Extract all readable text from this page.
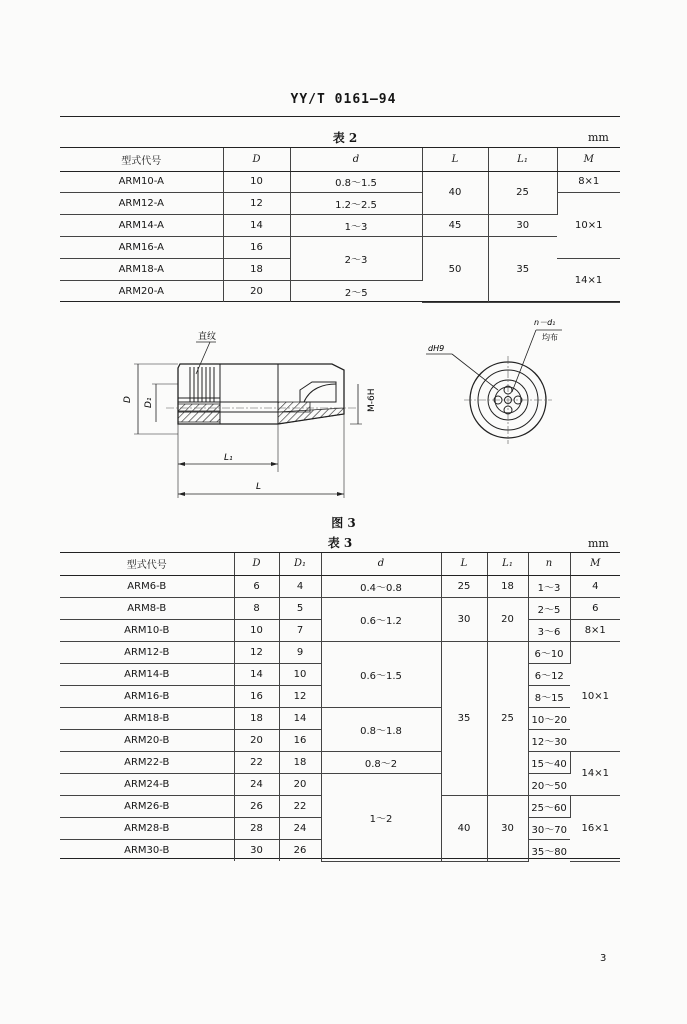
YY/T 0161—94
表 2	mm
型式代号	D	d	L	L₁	M
ARM10-A	10	0.8～1.5	40	25	8×1
ARM12-A	12	1.2～2.5			10×1
ARM14-A	14	1～3	45	30	
ARM16-A	16	2～3	50	35	
ARM18-A	18				14×1
ARM20-A	20	2～5			
直纹
D D₁	M-6H
L₁
L
dH9
n－d₁
均布
图 3
表 3	mm
型式代号	D	D₁	d	L	L₁	n	M
ARM6-B	6	4	0.4～0.8	25	18	1～3	4
ARM8-B	8	5	0.6～1.2	30	20	2～5	6
ARM10-B	10	7				3～6	8×1
ARM12-B	12	9	0.6～1.5	35	25	6～10	10×1
ARM14-B	14	10				6～12	
ARM16-B	16	12				8～15	
ARM18-B	18	14	0.8～1.8			10～20	
ARM20-B	20	16				12～30	
ARM22-B	22	18	0.8～2			15～40	14×1
ARM24-B	24	20	1～2			20～50	
ARM26-B	26	22		40	30	25～60	16×1
ARM28-B	28	24				30～70	
ARM30-B	30	26				35～80	
3
